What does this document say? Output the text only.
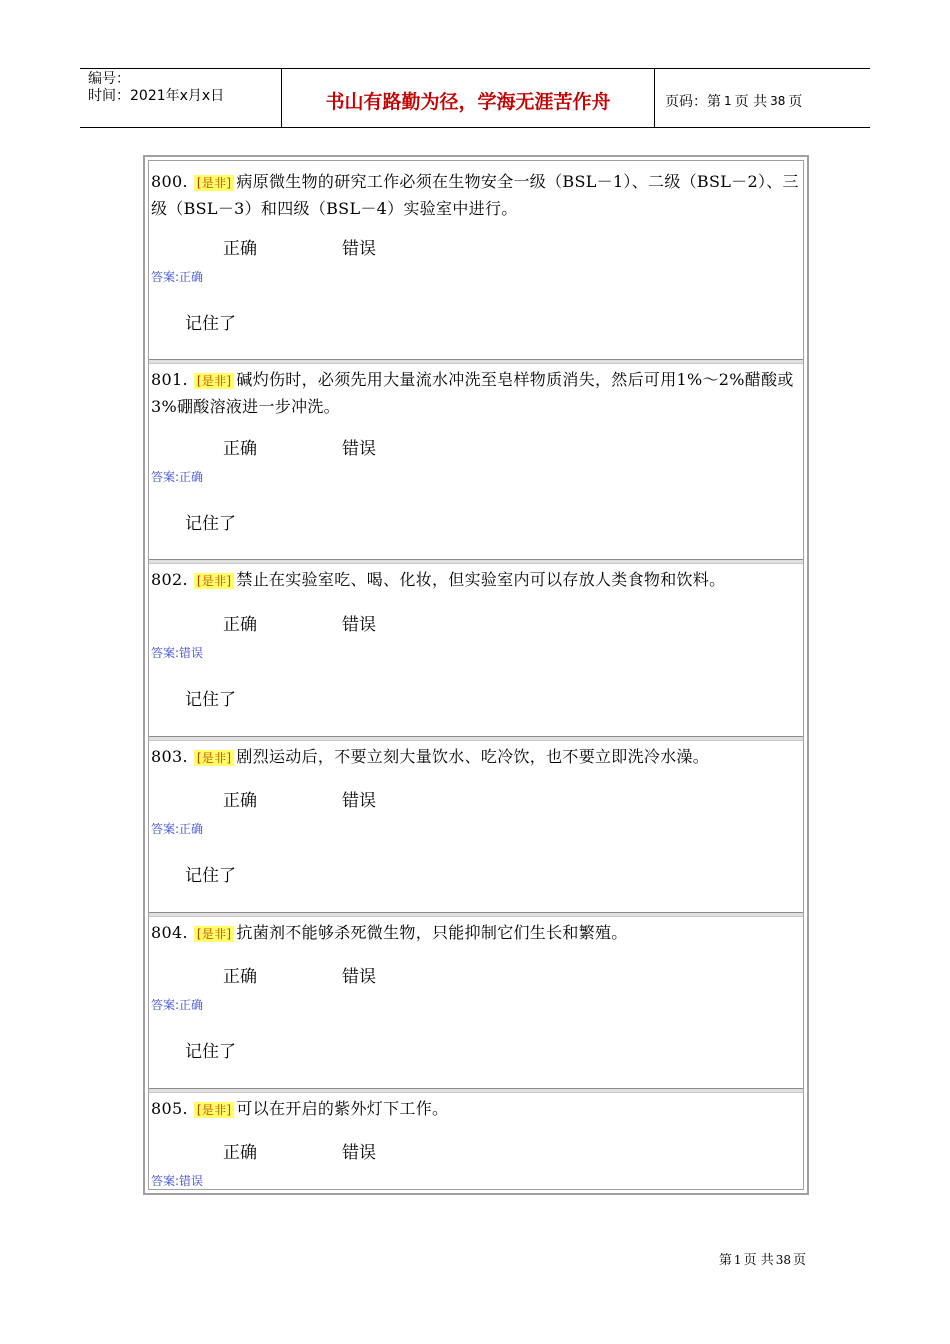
编号：
时间：2021年x月x日	书山有路勤为径，学海无涯苦作舟	页码：第 1 页 共 38 页
800. [是非] 病原微生物的研究工作必须在生物安全一级（BSL－1）、二级（BSL－2）、三级（BSL－3）和四级（BSL－4）实验室中进行。
正确	错误
答案:正确
记住了
801. [是非] 碱灼伤时，必须先用大量流水冲洗至皂样物质消失，然后可用1%～2%醋酸或3%硼酸溶液进一步冲洗。
正确	错误
答案:正确
记住了
802. [是非] 禁止在实验室吃、喝、化妆，但实验室内可以存放人类食物和饮料。
正确	错误
答案:错误
记住了
803. [是非] 剧烈运动后，不要立刻大量饮水、吃冷饮，也不要立即洗冷水澡。
正确	错误
答案:正确
记住了
804. [是非] 抗菌剂不能够杀死微生物，只能抑制它们生长和繁殖。
正确	错误
答案:正确
记住了
805. [是非] 可以在开启的紫外灯下工作。
正确	错误
答案:错误
第 1 页 共 38 页
